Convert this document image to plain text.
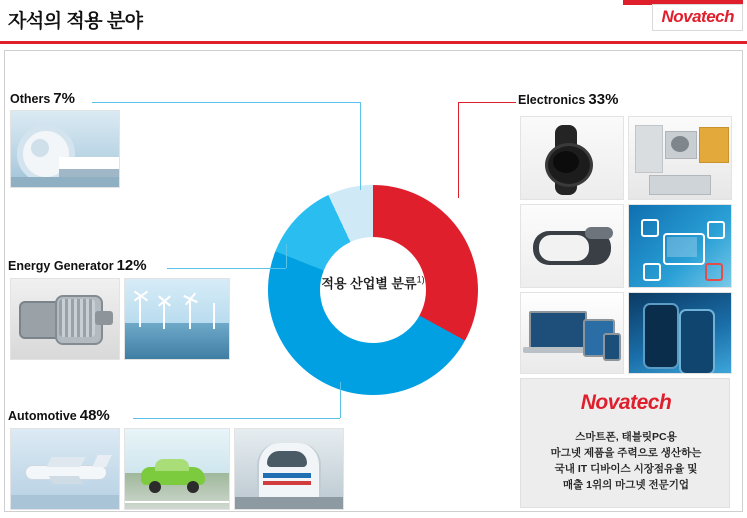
자석의 적용 분야	Novatech
적용 산업별 분류$^{1)}$
Others 7%
Energy Generator 12%
Automotive 48%
Electronics 33%
Novatech
스마트폰, 태블릿PC용
마그넷 제품을 주력으로 생산하는
국내 IT 디바이스 시장점유율 및
매출 1위의 마그넷 전문기업
